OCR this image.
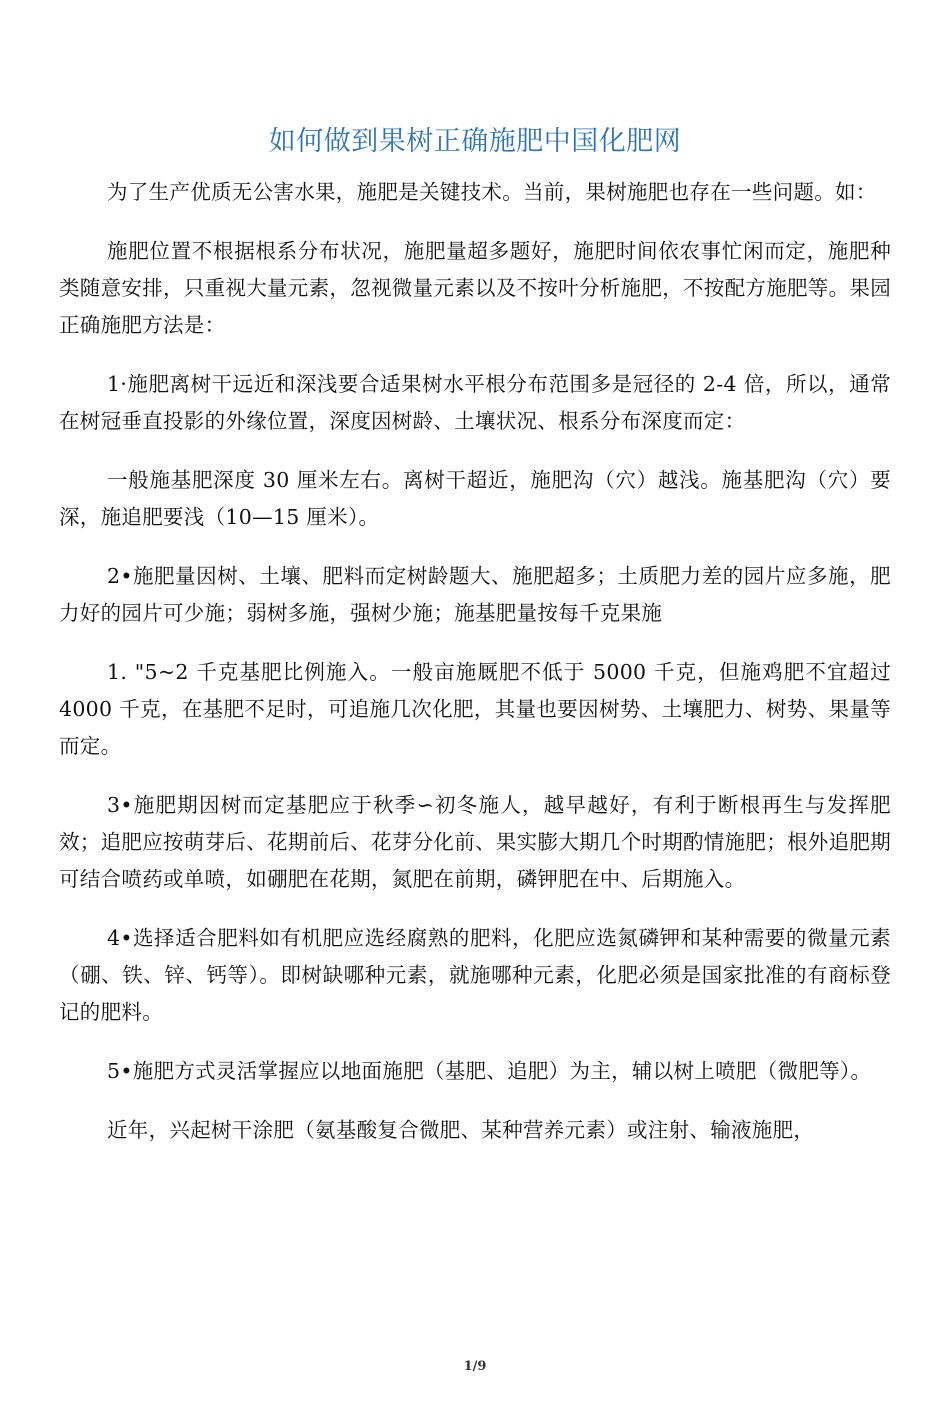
如何做到果树正确施肥中国化肥网

为了生产优质无公害水果，施肥是关键技术。当前，果树施肥也存在一些问题。如：

施肥位置不根据根系分布状况，施肥量超多题好，施肥时间依农事忙闲而定，施肥种类随意安排，只重视大量元素，忽视微量元素以及不按叶分析施肥，不按配方施肥等。果园正确施肥方法是：

1·施肥离树干远近和深浅要合适果树水平根分布范围多是冠径的 2-4 倍，所以，通常在树冠垂直投影的外缘位置，深度因树龄、土壤状况、根系分布深度而定：

一般施基肥深度 30 厘米左右。离树干超近，施肥沟（穴）越浅。施基肥沟（穴）要深，施追肥要浅（10—15 厘米）。

2•施肥量因树、土壤、肥料而定树龄题大、施肥超多；土质肥力差的园片应多施，肥力好的园片可少施；弱树多施，强树少施；施基肥量按每千克果施

1. "5~2 千克基肥比例施入。一般亩施厩肥不低于 5000 千克，但施鸡肥不宜超过 4000 千克，在基肥不足时，可追施几次化肥，其量也要因树势、土壤肥力、树势、果量等而定。

3•施肥期因树而定基肥应于秋季∽初冬施人，越早越好，有利于断根再生与发挥肥效；追肥应按萌芽后、花期前后、花芽分化前、果实膨大期几个时期酌情施肥；根外追肥期可结合喷药或单喷，如硼肥在花期，氮肥在前期，磷钾肥在中、后期施入。

4•选择适合肥料如有机肥应选经腐熟的肥料，化肥应选氮磷钾和某种需要的微量元素（硼、铁、锌、钙等）。即树缺哪种元素，就施哪种元素，化肥必须是国家批准的有商标登记的肥料。

5•施肥方式灵活掌握应以地面施肥（基肥、追肥）为主，辅以树上喷肥（微肥等）。

近年，兴起树干涂肥（氨基酸复合微肥、某种营养元素）或注射、输液施肥，

1/9
